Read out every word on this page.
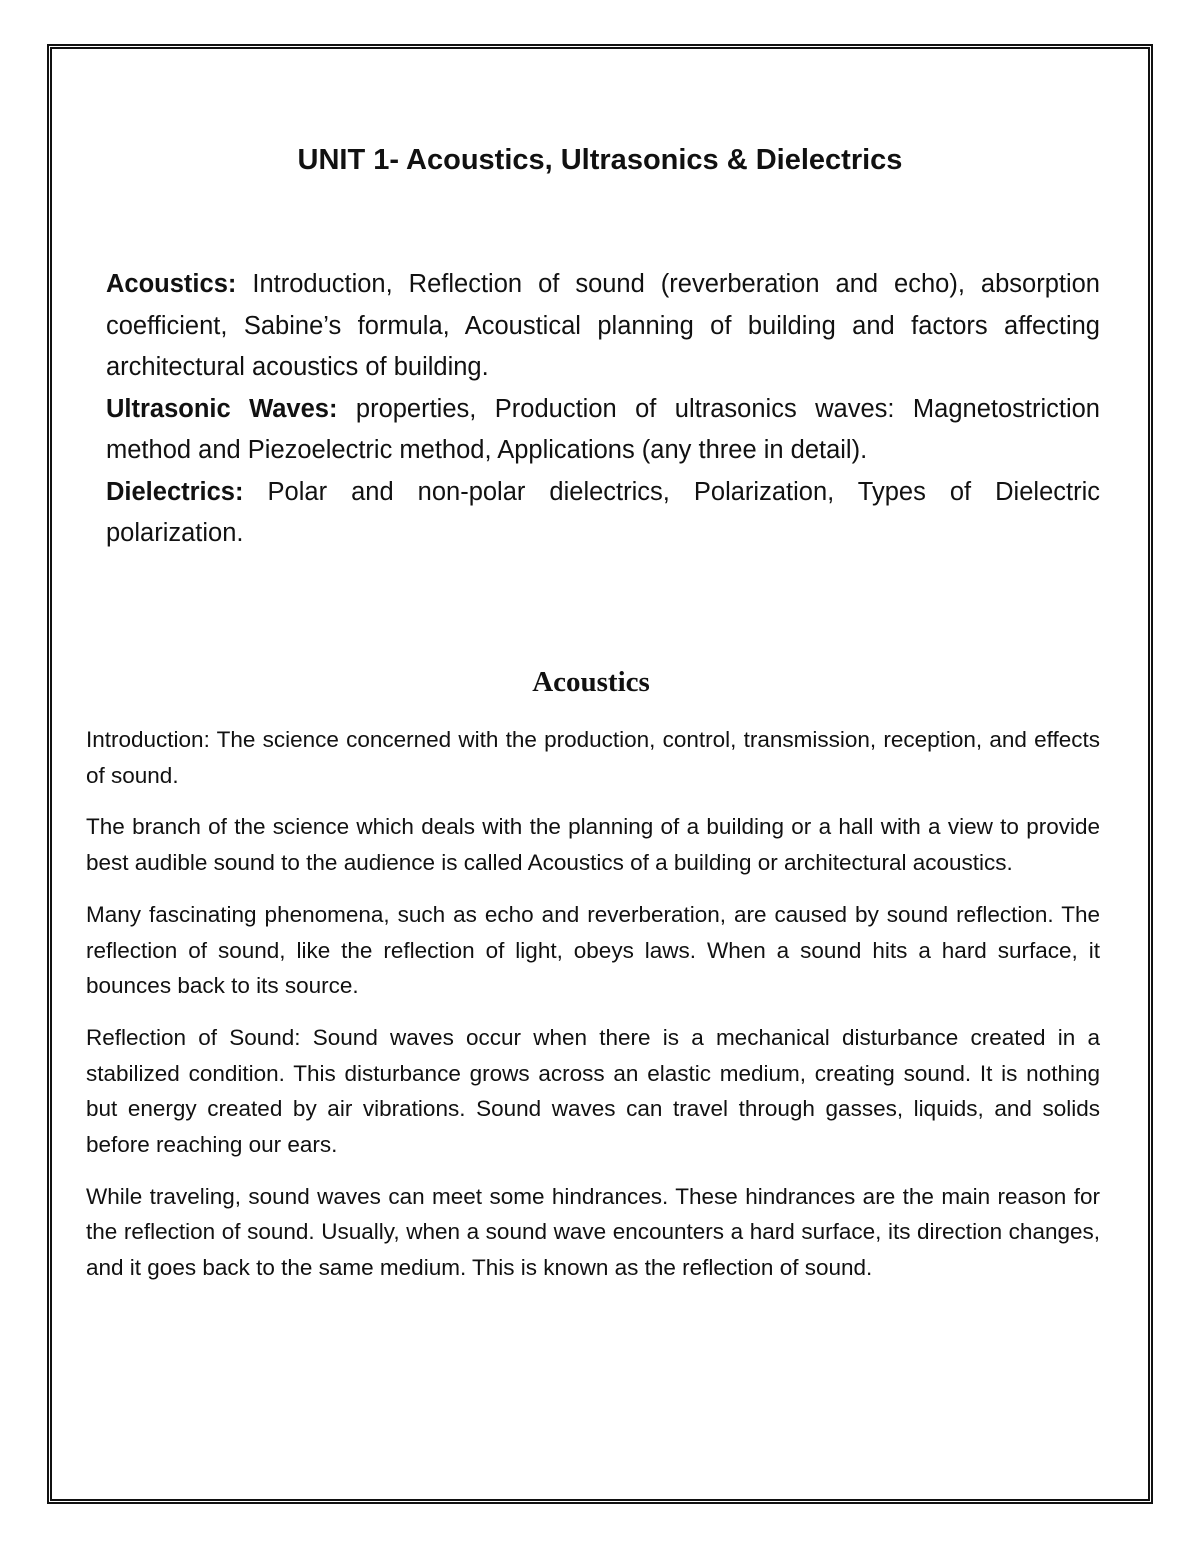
UNIT 1- Acoustics, Ultrasonics & Dielectrics

Acoustics: Introduction, Reflection of sound (reverberation and echo), absorption coefficient, Sabine’s formula, Acoustical planning of building and factors affecting architectural acoustics of building.

Ultrasonic Waves: properties, Production of ultrasonics waves: Magnetostriction method and Piezoelectric method, Applications (any three in detail).

Dielectrics: Polar and non-polar dielectrics, Polarization, Types of Dielectric polarization.

Acoustics

Introduction: The science concerned with the production, control, transmission, reception, and effects of sound.

The branch of the science which deals with the planning of a building or a hall with a view to provide best audible sound to the audience is called Acoustics of a building or architectural acoustics.

Many fascinating phenomena, such as echo and reverberation, are caused by sound reflection. The reflection of sound, like the reflection of light, obeys laws. When a sound hits a hard surface, it bounces back to its source.

Reflection of Sound: Sound waves occur when there is a mechanical disturbance created in a stabilized condition. This disturbance grows across an elastic medium, creating sound. It is nothing but energy created by air vibrations. Sound waves can travel through gasses, liquids, and solids before reaching our ears.

While traveling, sound waves can meet some hindrances. These hindrances are the main reason for the reflection of sound. Usually, when a sound wave encounters a hard surface, its direction changes, and it goes back to the same medium. This is known as the reflection of sound.
